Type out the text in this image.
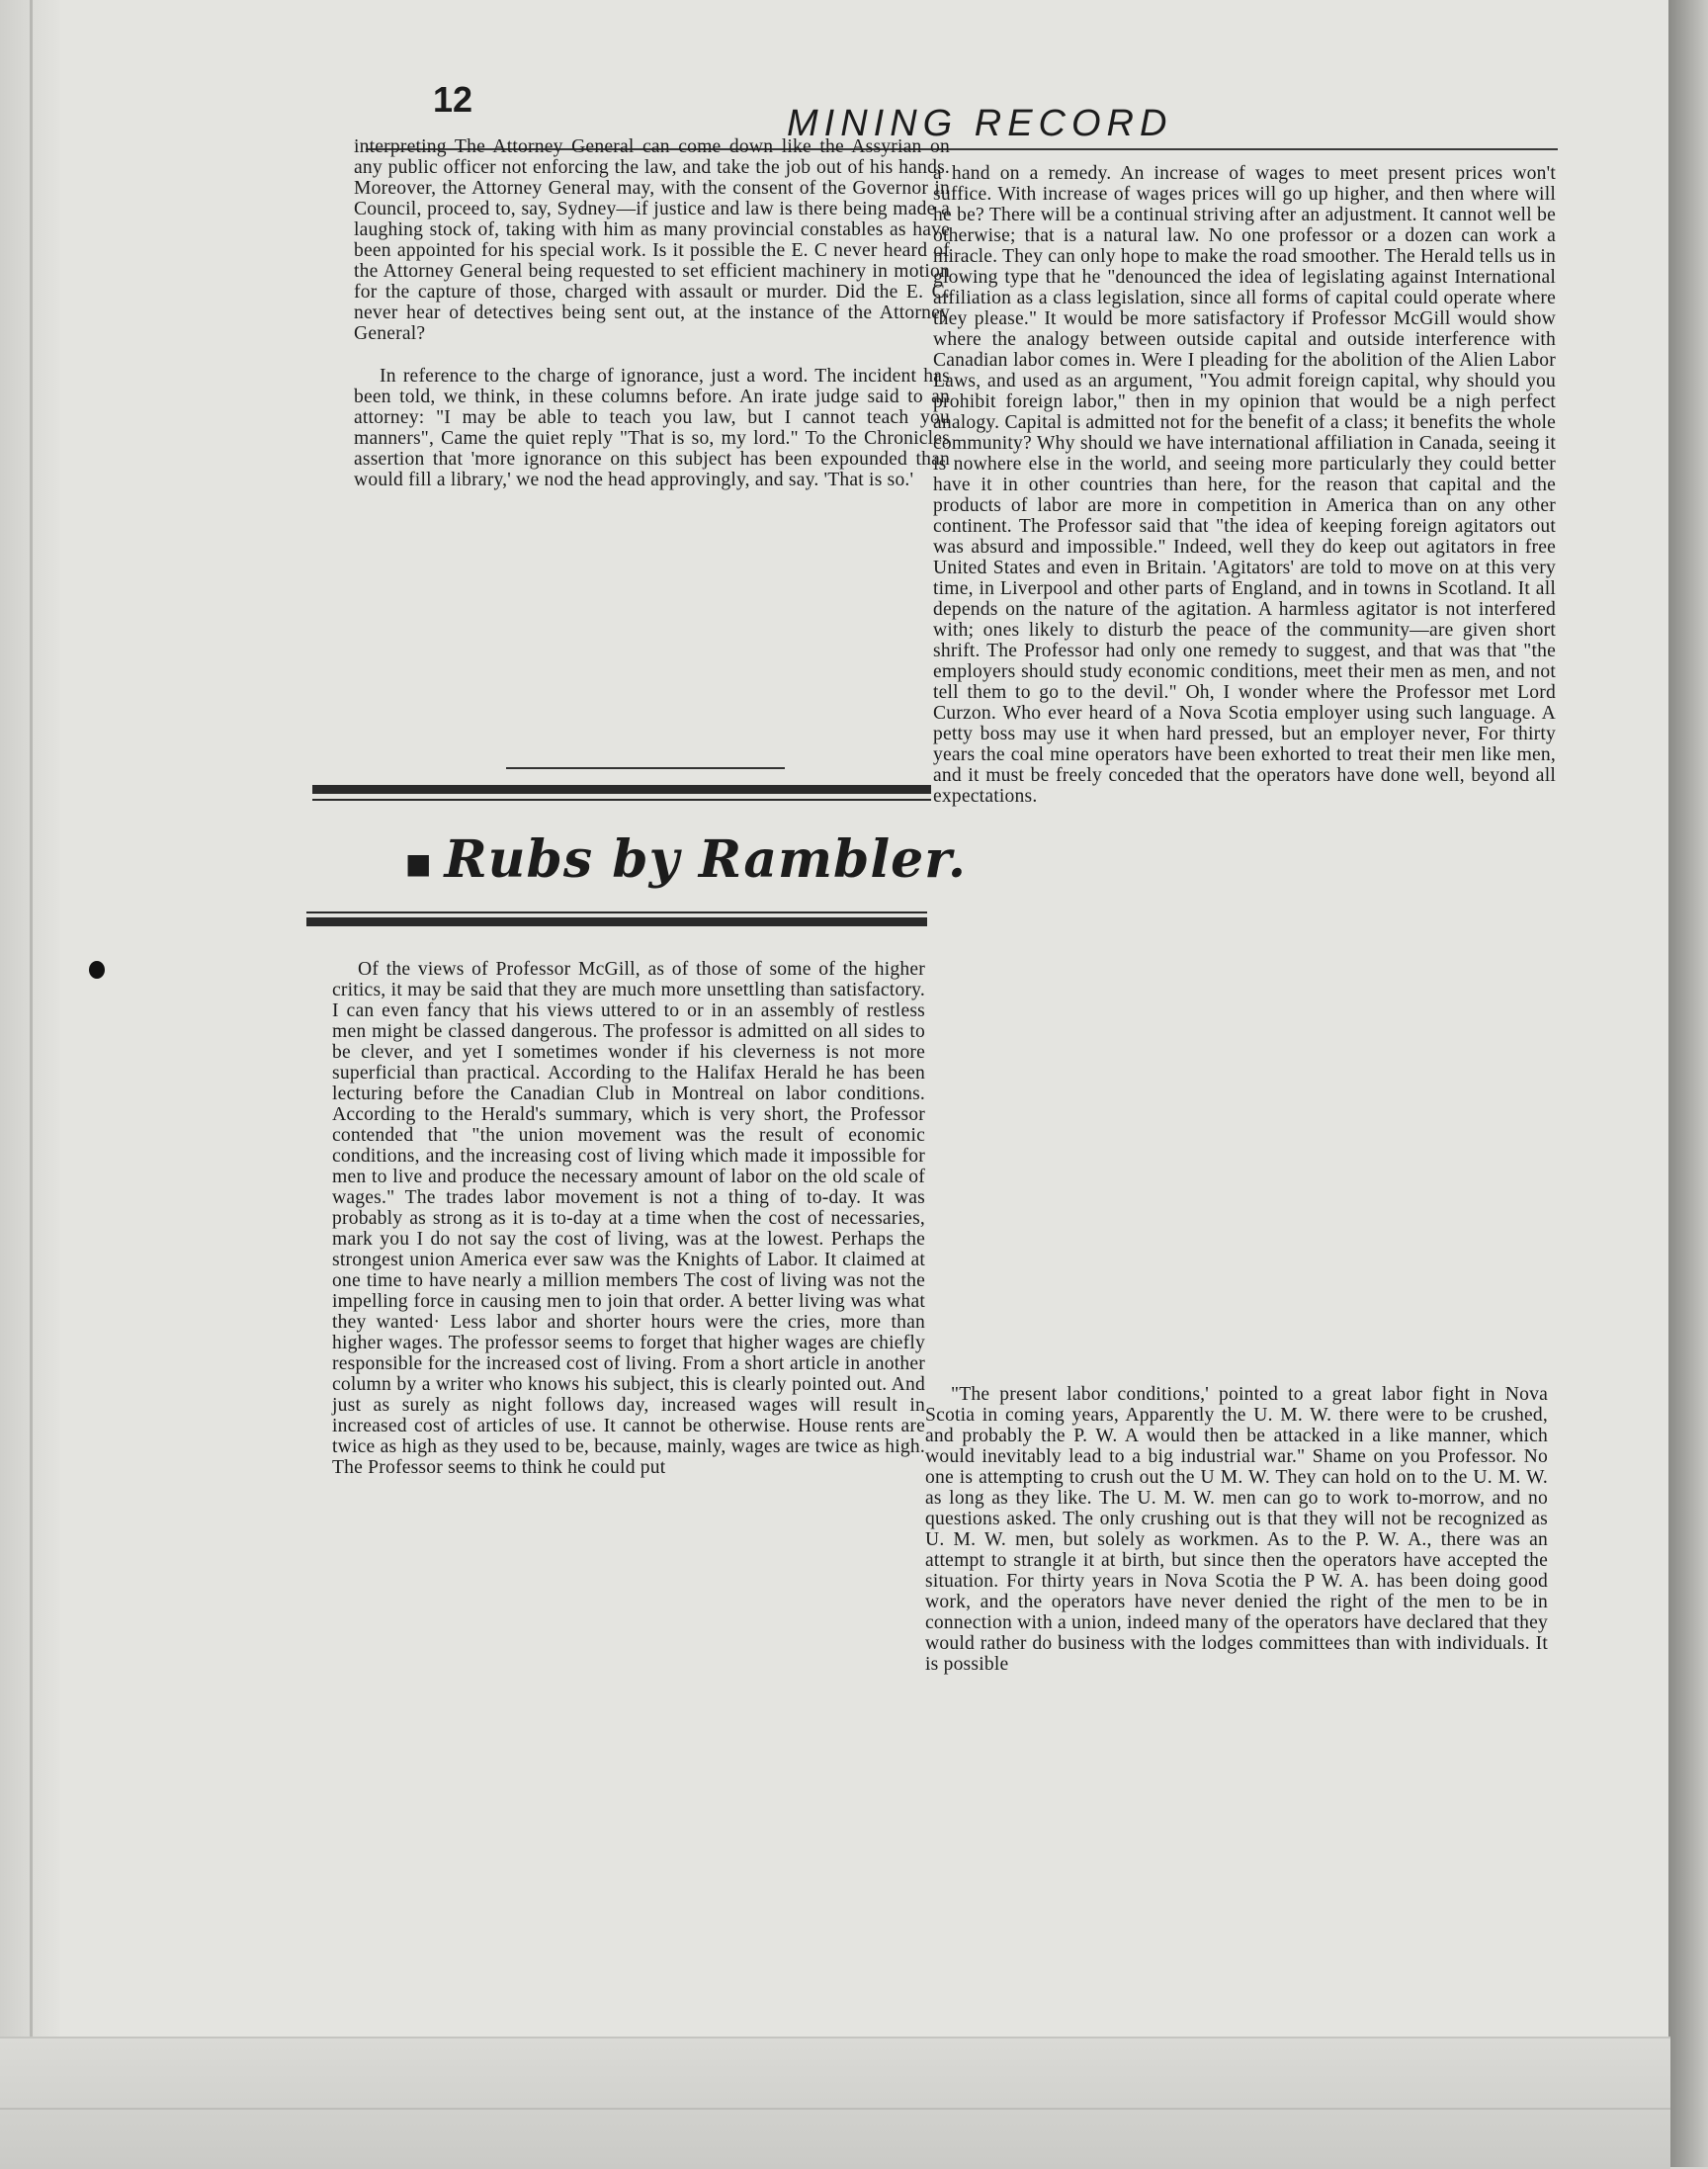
12
MINING RECORD

interpreting The Attorney General can come down like the Assyrian on any public officer not enforcing the law, and take the job out of his hands. Moreover, the Attorney General may, with the consent of the Governor in Council, proceed to, say, Sydney—if justice and law is there being made a laughing stock of, taking with him as many provincial constables as have been appointed for his special work. Is it possible the E. C never heard of the Attorney General being requested to set efficient machinery in motion for the capture of those, charged with assault or murder. Did the E. C. never hear of detectives being sent out, at the instance of the Attorney General?

In reference to the charge of ignorance, just a word. The incident has been told, we think, in these columns before. An irate judge said to an attorney: "I may be able to teach you law, but I cannot teach you manners", Came the quiet reply "That is so, my lord." To the Chronicles assertion that 'more ignorance on this subject has been expounded than would fill a library,' we nod the head approvingly, and say. 'That is so.'

■ Rubs by Rambler.

Of the views of Professor McGill, as of those of some of the higher critics, it may be said that they are much more unsettling than satisfactory. I can even fancy that his views uttered to or in an assembly of restless men might be classed dangerous. The professor is admitted on all sides to be clever, and yet I sometimes wonder if his cleverness is not more superficial than practical. According to the Halifax Herald he has been lecturing before the Canadian Club in Montreal on labor conditions. According to the Herald's summary, which is very short, the Professor contended that "the union movement was the result of economic conditions, and the increasing cost of living which made it impossible for men to live and produce the necessary amount of labor on the old scale of wages." The trades labor movement is not a thing of to-day. It was probably as strong as it is to-day at a time when the cost of necessaries, mark you I do not say the cost of living, was at the lowest. Perhaps the strongest union America ever saw was the Knights of Labor. It claimed at one time to have nearly a million members The cost of living was not the impelling force in causing men to join that order. A better living was what they wanted· Less labor and shorter hours were the cries, more than higher wages. The professor seems to forget that higher wages are chiefly responsible for the increased cost of living. From a short article in another column by a writer who knows his subject, this is clearly pointed out. And just as surely as night follows day, increased wages will result in increased cost of articles of use. It cannot be otherwise. House rents are twice as high as they used to be, because, mainly, wages are twice as high. The Professor seems to think he could put

a hand on a remedy. An increase of wages to meet present prices won't suffice. With increase of wages prices will go up higher, and then where will he be? There will be a continual striving after an adjustment. It cannot well be otherwise; that is a natural law. No one professor or a dozen can work a miracle. They can only hope to make the road smoother. The Herald tells us in glowing type that he "denounced the idea of legislating against International affiliation as a class legislation, since all forms of capital could operate where they please." It would be more satisfactory if Professor McGill would show where the analogy between outside capital and outside interference with Canadian labor comes in. Were I pleading for the abolition of the Alien Labor Laws, and used as an argument, "You admit foreign capital, why should you prohibit foreign labor," then in my opinion that would be a nigh perfect analogy. Capital is admitted not for the benefit of a class; it benefits the whole community? Why should we have international affiliation in Canada, seeing it is nowhere else in the world, and seeing more particularly they could better have it in other countries than here, for the reason that capital and the products of labor are more in competition in America than on any other continent. The Professor said that "the idea of keeping foreign agitators out was absurd and impossible." Indeed, well they do keep out agitators in free United States and even in Britain. 'Agitators' are told to move on at this very time, in Liverpool and other parts of England, and in towns in Scotland. It all depends on the nature of the agitation. A harmless agitator is not interfered with; ones likely to disturb the peace of the community—are given short shrift. The Professor had only one remedy to suggest, and that was that "the employers should study economic conditions, meet their men as men, and not tell them to go to the devil." Oh, I wonder where the Professor met Lord Curzon. Who ever heard of a Nova Scotia employer using such language. A petty boss may use it when hard pressed, but an employer never, For thirty years the coal mine operators have been exhorted to treat their men like men, and it must be freely conceded that the operators have done well, beyond all expectations.

"The present labor conditions,' pointed to a great labor fight in Nova Scotia in coming years, Apparently the U. M. W. there were to be crushed, and probably the P. W. A would then be attacked in a like manner, which would inevitably lead to a big industrial war." Shame on you Professor. No one is attempting to crush out the U M. W. They can hold on to the U. M. W. as long as they like. The U. M. W. men can go to work to-morrow, and no questions asked. The only crushing out is that they will not be recognized as U. M. W. men, but solely as workmen. As to the P. W. A., there was an attempt to strangle it at birth, but since then the operators have accepted the situation. For thirty years in Nova Scotia the P W. A. has been doing good work, and the operators have never denied the right of the men to be in connection with a union, indeed many of the operators have declared that they would rather do business with the lodges committees than with individuals. It is possible
